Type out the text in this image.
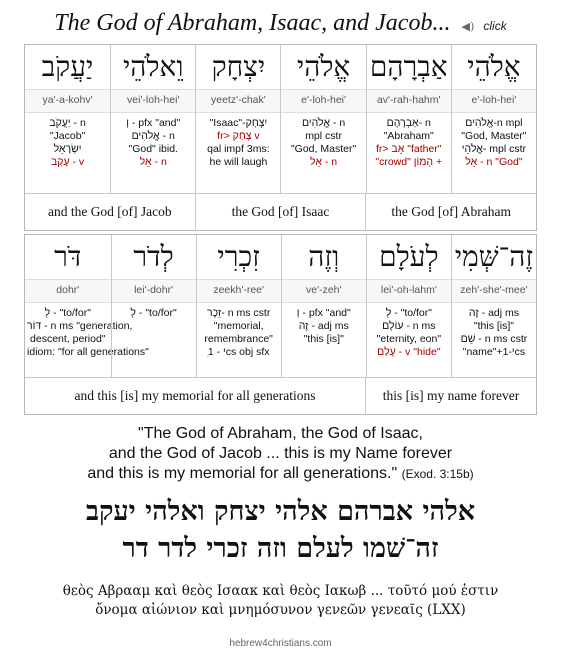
The God of Abraham, Isaac, and Jacob... ◀) click
אֱלֹהֵי
e'-loh-hei'
אֱלֹהִים-n mpl
"God, Master"
אֱלֹהֵי- mpl cstr
אֵל - n "God"
אַבְרָהָם
av'-rah-hahm'
אַבְרָהָם- n
"Abraham"
fr> אָב "father"
"crowd" הָמוֹן +
אֱלֹהֵי
e'-loh-hei'
אֱלֹהִים - n
mpl cstr
"God, Master"
אֵל - n
יִצְחָק
yeetz'-chak'
"Isaac"-יִצְחָק
fr> צָחַק v
qal impf 3ms:
he will laugh
וֵאלֹהֵי
vei'-loh-hei'
וְ - pfx "and"
אֱלֹהִים - n
"God" ibid.
אֵל - n
יַעֲקֹב
ya'-a-kohv'
יַעֲקֹב - n
"Jacob"
יִשְׂרָאֵל
עָקַב - v
the God [of] Abraham
the God [of] Isaac
and the God [of] Jacob
זֶה־שְּׁמִי
zeh'-she'-mee'
זֶה - adj ms
"this [is]"
שֵׁם - n ms cstr
"name"+ִי-1cs
לְעֹלָם
lei'-oh-lahm'
לְ - "to/for"
עוֹלָם - n ms
"eternity, eon"
עָלַם - v "hide"
וְזֶה
ve'-zeh'
וְ - pfx "and"
זֶה - adj ms
"this [is]"
זִכְרִי
zeekh'-ree'
זֵכֶר- n ms cstr
"memorial,
remembrance"
ִי - 1cs obj sfx
לְדֹר
lei'-dohr'
לְ - "to/for"
דֹּר
dohr'
לְ - "to/for"
דּוֹר - n ms "generation,
descent, period"
idiom: "for all generations"
this [is] my name forever
and this [is] my memorial for all generations
"The God of Abraham, the God of Isaac,
and the God of Jacob ... this is my Name forever
and this is my memorial for all generations." (Exod. 3:15b)
אלהי אברהם אלהי יצחק ואלהי יעקב
זה־שׁמו לעלם וזה זכרי לדר דר
θεὸς Αβρααμ καὶ θεὸς Ισαακ καὶ θεὸς Ιακωβ ... τοῦτό μού ἐστιν
ὄνομα αἰώνιον καὶ μνημόσυνον γενεῶν γενεαῖς (LXX)
hebrew4christians.com
